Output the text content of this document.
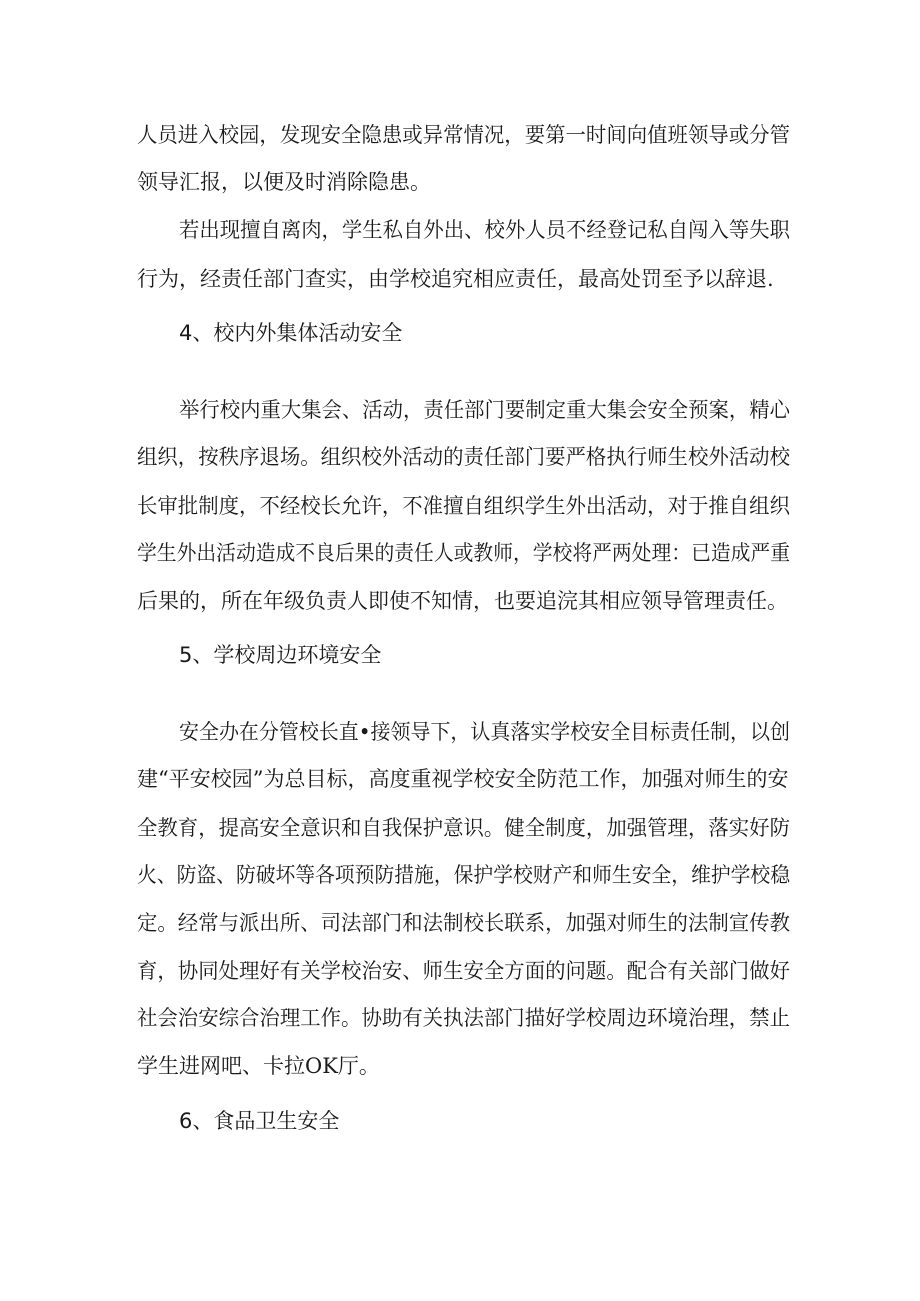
人员进入校园，发现安全隐患或异常情况，要第一时间向值班领导或分管
领导汇报，以便及时消除隐患。
若出现擅自离肉，学生私自外出、校外人员不经登记私自闯入等失职
行为，经责任部门查实，由学校追究相应责任，最高处罚至予以辞退.
4、校内外集体活动安全
举行校内重大集会、活动，责任部门要制定重大集会安全预案，精心
组织，按秩序退场。组织校外活动的责任部门要严格执行师生校外活动校
长审批制度，不经校长允许，不准擅自组织学生外出活动，对于推自组织
学生外出活动造成不良后果的责任人或教师，学校将严两处理：已造成严重
后果的，所在年级负责人即使不知情，也要追浣其相应领导管理责任。
5、学校周边环境安全
安全办在分管校长直•接领导下，认真落实学校安全目标责任制，以创
建“平安校园”为总目标，高度重视学校安全防范工作，加强对师生的安
全教育，提高安全意识和自我保护意识。健全制度，加强管理，落实好防
火、防盗、防破坏等各项预防措施，保护学校财产和师生安全，维护学校稳
定。经常与派出所、司法部门和法制校长联系，加强对师生的法制宣传教
育，协同处理好有关学校治安、师生安全方面的问题。配合有关部门做好
社会治安综合治理工作。协助有关执法部门描好学校周边环境治理，禁止
学生进网吧、卡拉OK厅。
6、食品卫生安全
